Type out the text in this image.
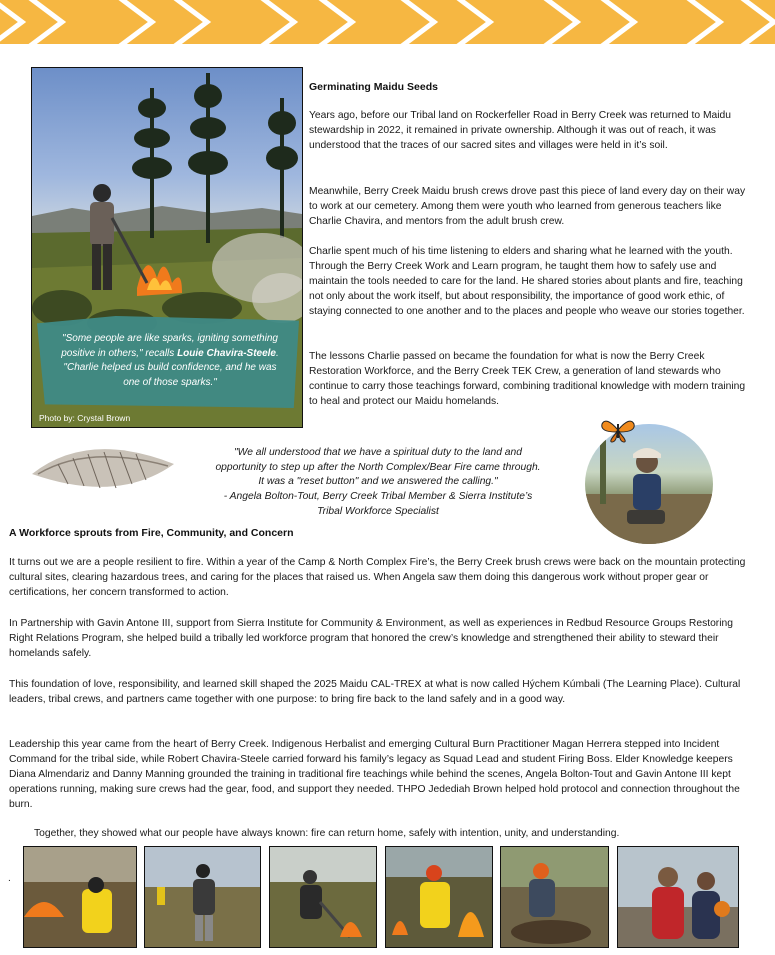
"Some people are like sparks, igniting something positive in others," recalls Louie Chavira-Steele. "Charlie helped us build confidence, and he was one of those sparks."
Photo by: Crystal Brown
Germinating Maidu Seeds
Years ago, before our Tribal land on Rockerfeller Road in Berry Creek was returned to Maidu stewardship in 2022, it remained in private ownership. Although it was out of reach, it was understood that the traces of our sacred sites and villages were held in it’s soil.
Meanwhile, Berry Creek Maidu brush crews drove past this piece of land every day on their way to work at our cemetery. Among them were youth who learned from generous teachers like Charlie Chavira, and mentors from the adult brush crew.
Charlie spent much of his time listening to elders and sharing what he learned with the youth. Through the Berry Creek Work and Learn program, he taught them how to safely use and maintain the tools needed to care for the land. He shared stories about plants and fire, teaching not only about the work itself, but about responsibility, the importance of good work ethic, of staying connected to one another and to the places and people who weave our stories together.
The lessons Charlie passed on became the foundation for what is now the Berry Creek Restoration Workforce, and the Berry Creek TEK Crew, a generation of land stewards who continue to carry those teachings forward, combining traditional knowledge with modern training to heal and protect our Maidu homelands.
"We all understood that we have a spiritual duty to the land and
opportunity to step up after the North Complex/Bear Fire came through.
It was a "reset button" and we answered the calling."
- Angela Bolton-Tout, Berry Creek Tribal Member & Sierra Institute’s
Tribal Workforce Specialist
A Workforce sprouts from Fire, Community, and Concern
It turns out we are a people resilient to fire. Within a year of the Camp & North Complex Fire’s, the Berry Creek brush crews were back on the mountain protecting cultural sites, clearing hazardous trees, and caring for the places that raised us. When Angela saw them doing this dangerous work without proper gear or certifications, her concern transformed to action.
In Partnership with Gavin Antone III, support from Sierra Institute for Community & Environment, as well as experiences in Redbud Resource Groups Restoring Right Relations Program, she helped build a tribally led workforce program that honored the crew’s knowledge and strengthened their ability to steward their homelands safely.
This foundation of love, responsibility, and learned skill shaped the 2025 Maidu CAL-TREX at what is now called Hýchem Kúmbali (The Learning Place). Cultural leaders, tribal crews, and partners came together with one purpose: to bring fire back to the land safely and in a good way.
Leadership this year came from the heart of Berry Creek. Indigenous Herbalist and emerging Cultural Burn Practitioner Magan Herrera stepped into Incident Command for the tribal side, while Robert Chavira-Steele carried forward his family’s legacy as Squad Lead and student Firing Boss. Elder Knowledge keepers Diana Almendariz and Danny Manning grounded the training in traditional fire teachings while behind the scenes, Angela Bolton-Tout and Gavin Antone III kept operations running, making sure crews had the gear, food, and support they needed. THPO Jedediah Brown helped hold protocol and connection throughout the burn.
Together, they showed what our people have always known: fire can return home, safely with intention, unity, and understanding.
.
